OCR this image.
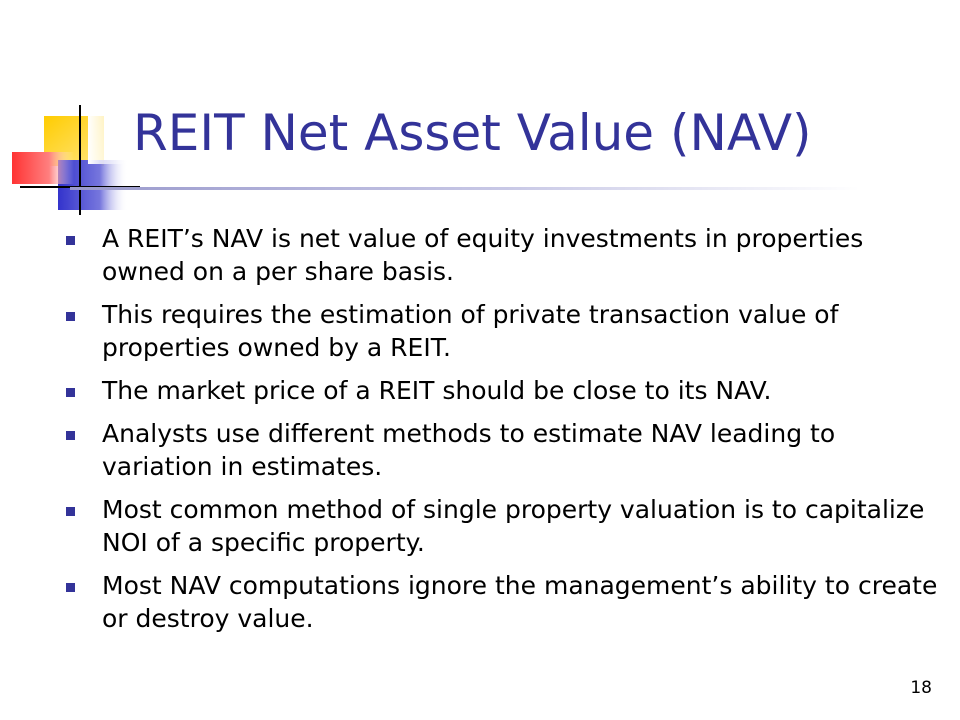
REIT Net Asset Value (NAV)
A REIT’s NAV is net value of equity investments in properties owned on a per share basis.
This requires the estimation of private transaction value of properties owned by a REIT.
The market price of a REIT should be close to its NAV.
Analysts use different methods to estimate NAV leading to variation in estimates.
Most common method of single property valuation is to capitalize NOI of a specific property.
Most NAV computations ignore the management’s ability to create or destroy value.
18
